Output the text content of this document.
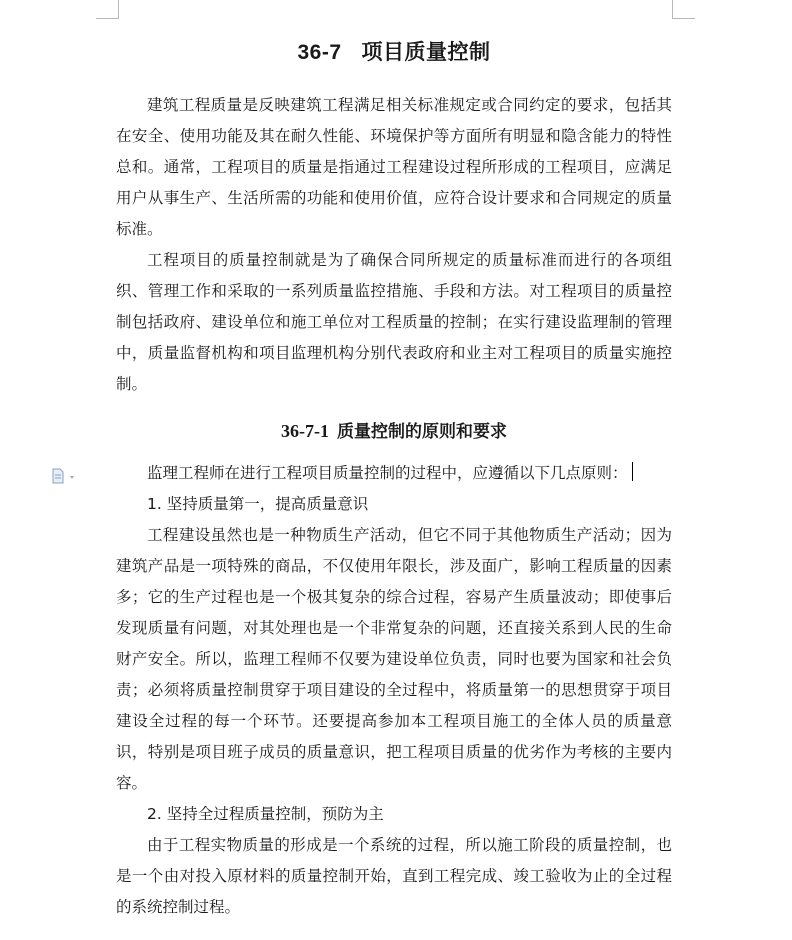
36-7 项目质量控制

建筑工程质量是反映建筑工程满足相关标准规定或合同约定的要求，包括其在安全、使用功能及其在耐久性能、环境保护等方面所有明显和隐含能力的特性总和。通常，工程项目的质量是指通过工程建设过程所形成的工程项目，应满足用户从事生产、生活所需的功能和使用价值，应符合设计要求和合同规定的质量标准。

工程项目的质量控制就是为了确保合同所规定的质量标准而进行的各项组织、管理工作和采取的一系列质量监控措施、手段和方法。对工程项目的质量控制包括政府、建设单位和施工单位对工程质量的控制；在实行建设监理制的管理中，质量监督机构和项目监理机构分别代表政府和业主对工程项目的质量实施控制。

36-7-1 质量控制的原则和要求

监理工程师在进行工程项目质量控制的过程中，应遵循以下几点原则：

1. 坚持质量第一，提高质量意识

工程建设虽然也是一种物质生产活动，但它不同于其他物质生产活动；因为建筑产品是一项特殊的商品，不仅使用年限长，涉及面广，影响工程质量的因素多；它的生产过程也是一个极其复杂的综合过程，容易产生质量波动；即使事后发现质量有问题，对其处理也是一个非常复杂的问题，还直接关系到人民的生命财产安全。所以，监理工程师不仅要为建设单位负责，同时也要为国家和社会负责；必须将质量控制贯穿于项目建设的全过程中，将质量第一的思想贯穿于项目建设全过程的每一个环节。还要提高参加本工程项目施工的全体人员的质量意识，特别是项目班子成员的质量意识，把工程项目质量的优劣作为考核的主要内容。

2. 坚持全过程质量控制，预防为主

由于工程实物质量的形成是一个系统的过程，所以施工阶段的质量控制，也是一个由对投入原材料的质量控制开始，直到工程完成、竣工验收为止的全过程的系统控制过程。
